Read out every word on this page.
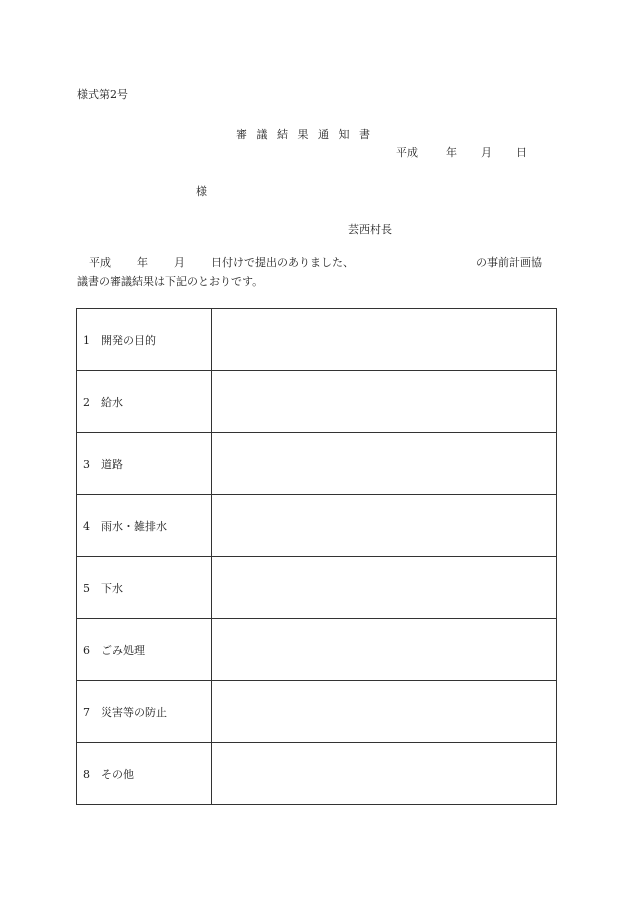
様式第2号
審 議 結 果 通 知 書
平成	年 月 日
様
芸西村長
平成 年 月 日付けで提出のありました、	の事前計画協
議書の審議結果は下記のとおりです。
1 開発の目的	
2 給水	
3 道路	
4 雨水・雑排水	
5 下水	
6 ごみ処理	
7 災害等の防止	
8 その他	
